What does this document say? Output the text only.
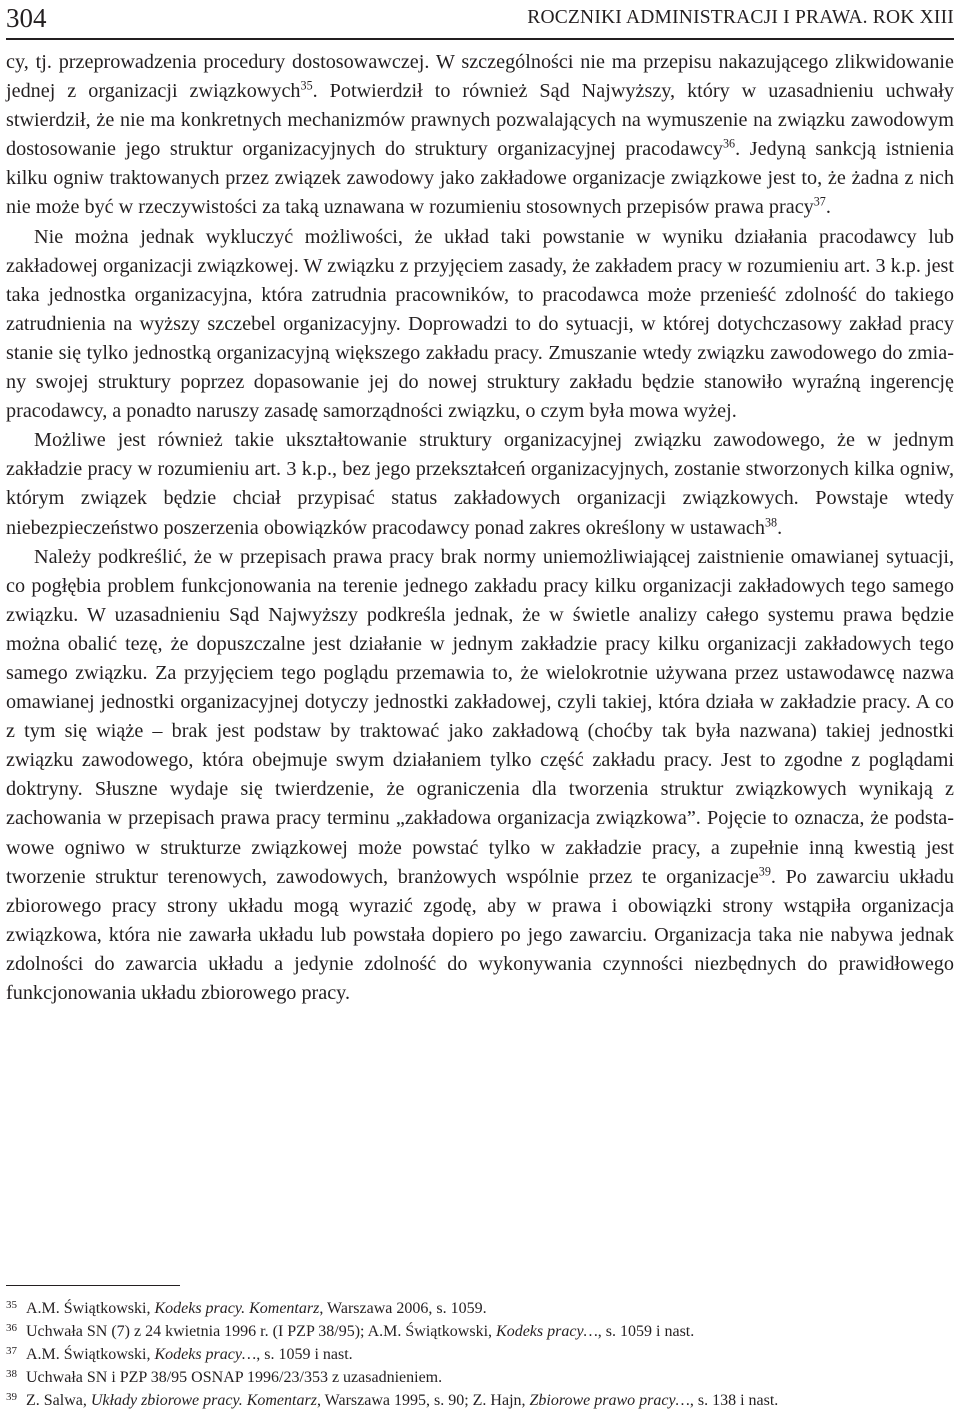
304	ROCZNIKI ADMINISTRACJI I PRAWA. ROK XIII

cy, tj. przeprowadzenia procedury dostosowawczej. W szczególności nie ma przepisu nakazującego zlikwidowanie jednej z organizacji związkowych$^{35}$. Potwierdził to również Sąd Najwyższy, który w uzasadnieniu uchwały stwierdził, że nie ma konkretnych mechanizmów prawnych pozwalających na wymuszenie na związku zawodowym dostosowanie jego struktur organizacyjnych do struktury organizacyjnej pracodawcy$^{36}$. Jedyną sankcją istnienia kilku ogniw traktowanych przez związek zawodowy jako zakładowe organizacje związkowe jest to, że żadna z nich nie może być w rzeczywistości za taką uznawana w rozumieniu stosownych przepisów prawa pracy$^{37}$.

Nie można jednak wykluczyć możliwości, że układ taki powstanie w wyniku działania pracodawcy lub zakładowej organizacji związkowej. W związku z przyjęciem zasady, że zakładem pracy w rozumieniu art. 3 k.p. jest taka jednostka organizacyjna, która zatrudnia pracowników, to pracodawca może przenieść zdolność do takiego zatrudnienia na wyższy szczebel organizacyjny. Doprowadzi to do sytuacji, w której dotychczasowy zakład pracy stanie się tylko jednostką organizacyjną większego zakładu pracy. Zmuszanie wtedy związku zawodowego do zmiany swojej struktury poprzez dopasowanie jej do nowej struktury zakładu będzie stanowiło wyraźną ingerencję pracodawcy, a ponadto naruszy zasadę samorządności związku, o czym była mowa wyżej.

Możliwe jest również takie ukształtowanie struktury organizacyjnej związku zawodowego, że w jednym zakładzie pracy w rozumieniu art. 3 k.p., bez jego przekształceń organizacyjnych, zostanie stworzonych kilka ogniw, którym związek będzie chciał przypisać status zakładowych organizacji związkowych. Powstaje wtedy niebezpieczeństwo poszerzenia obowiązków pracodawcy ponad zakres określony w ustawach$^{38}$.

Należy podkreślić, że w przepisach prawa pracy brak normy uniemożliwiającej zaistnienie omawianej sytuacji, co pogłębia problem funkcjonowania na terenie jednego zakładu pracy kilku organizacji zakładowych tego samego związku. W uzasadnieniu Sąd Najwyższy podkreśla jednak, że w świetle analizy całego systemu prawa będzie można obalić tezę, że dopuszczalne jest działanie w jednym zakładzie pracy kilku organizacji zakładowych tego samego związku. Za przyjęciem tego poglądu przemawia to, że wielokrotnie używana przez ustawodawcę nazwa omawianej jednostki organizacyjnej dotyczy jednostki zakładowej, czyli takiej, która działa w zakładzie pracy. A co z tym się wiąże – brak jest podstaw by traktować jako zakładową (choćby tak była nazwana) takiej jednostki związku zawodowego, która obejmuje swym działaniem tylko część zakładu pracy. Jest to zgodne z poglądami doktryny. Słuszne wydaje się twierdzenie, że ograniczenia dla tworzenia struktur związkowych wynikają z zachowania w przepisach prawa pracy terminu „zakładowa organizacja związkowa”. Pojęcie to oznacza, że podstawowe ogniwo w strukturze związkowej może powstać tylko w zakładzie pracy, a zupełnie inną kwestią jest tworzenie struktur terenowych, zawodowych, branżowych wspólnie przez te organizacje$^{39}$. Po zawarciu układu zbiorowego pracy strony układu mogą wyrazić zgodę, aby w prawa i obowiązki strony wstąpiła organizacja związkowa, która nie zawarła układu lub powstała dopiero po jego zawarciu. Organizacja taka nie nabywa jednak zdolności do zawarcia układu a jedynie zdolność do wykonywania czynności niezbędnych do prawidłowego funkcjonowania układu zbiorowego pracy.

35 A.M. Świątkowski, Kodeks pracy. Komentarz, Warszawa 2006, s. 1059.
36 Uchwała SN (7) z 24 kwietnia 1996 r. (I PZP 38/95); A.M. Świątkowski, Kodeks pracy…, s. 1059 i nast.
37 A.M. Świątkowski, Kodeks pracy…, s. 1059 i nast.
38 Uchwała SN i PZP 38/95 OSNAP 1996/23/353 z uzasadnieniem.
39 Z. Salwa, Układy zbiorowe pracy. Komentarz, Warszawa 1995, s. 90; Z. Hajn, Zbiorowe prawo pracy…, s. 138 i nast.
